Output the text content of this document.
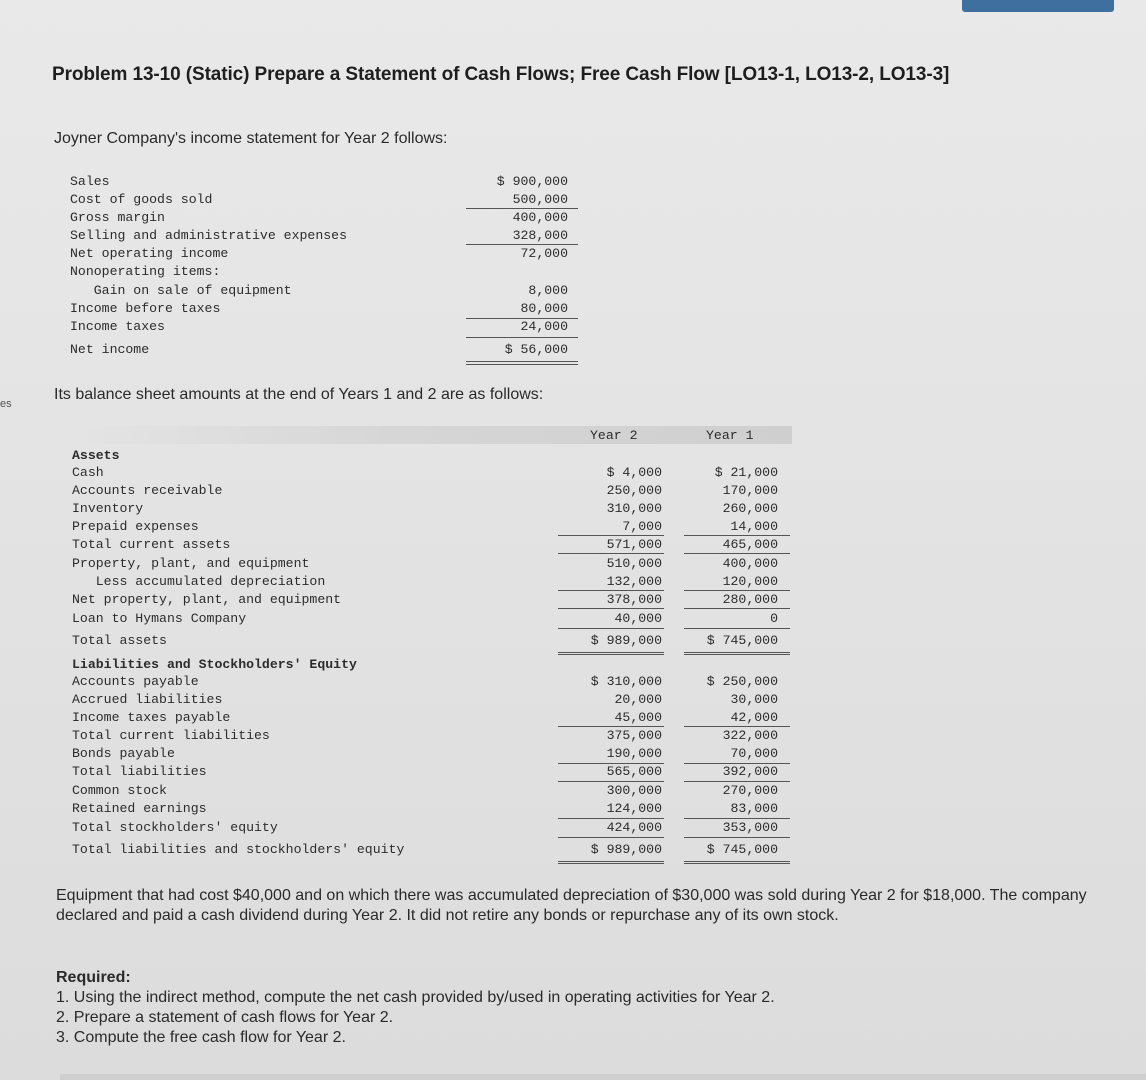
es
Problem 13-10 (Static) Prepare a Statement of Cash Flows; Free Cash Flow [LO13-1, LO13-2, LO13-3]
Joyner Company's income statement for Year 2 follows:
Sales	$ 900,000
Cost of goods sold	500,000
Gross margin	400,000
Selling and administrative expenses	328,000
Net operating income	72,000
Nonoperating items:
Gain on sale of equipment	8,000
Income before taxes	80,000
Income taxes	24,000
Net income	$ 56,000
Its balance sheet amounts at the end of Years 1 and 2 are as follows:
Year 2	Year 1
Assets
Cash	$ 4,000	$ 21,000
Accounts receivable	250,000	170,000
Inventory	310,000	260,000
Prepaid expenses	7,000	14,000
Total current assets	571,000	465,000
Property, plant, and equipment	510,000	400,000
Less accumulated depreciation	132,000	120,000
Net property, plant, and equipment	378,000	280,000
Loan to Hymans Company	40,000	0
Total assets	$ 989,000	$ 745,000
Liabilities and Stockholders' Equity
Accounts payable	$ 310,000	$ 250,000
Accrued liabilities	20,000	30,000
Income taxes payable	45,000	42,000
Total current liabilities	375,000	322,000
Bonds payable	190,000	70,000
Total liabilities	565,000	392,000
Common stock	300,000	270,000
Retained earnings	124,000	83,000
Total stockholders' equity	424,000	353,000
Total liabilities and stockholders' equity	$ 989,000	$ 745,000
Equipment that had cost $40,000 and on which there was accumulated depreciation of $30,000 was sold during Year 2 for $18,000. The company declared and paid a cash dividend during Year 2. It did not retire any bonds or repurchase any of its own stock.
Required:
1. Using the indirect method, compute the net cash provided by/used in operating activities for Year 2.
2. Prepare a statement of cash flows for Year 2.
3. Compute the free cash flow for Year 2.
